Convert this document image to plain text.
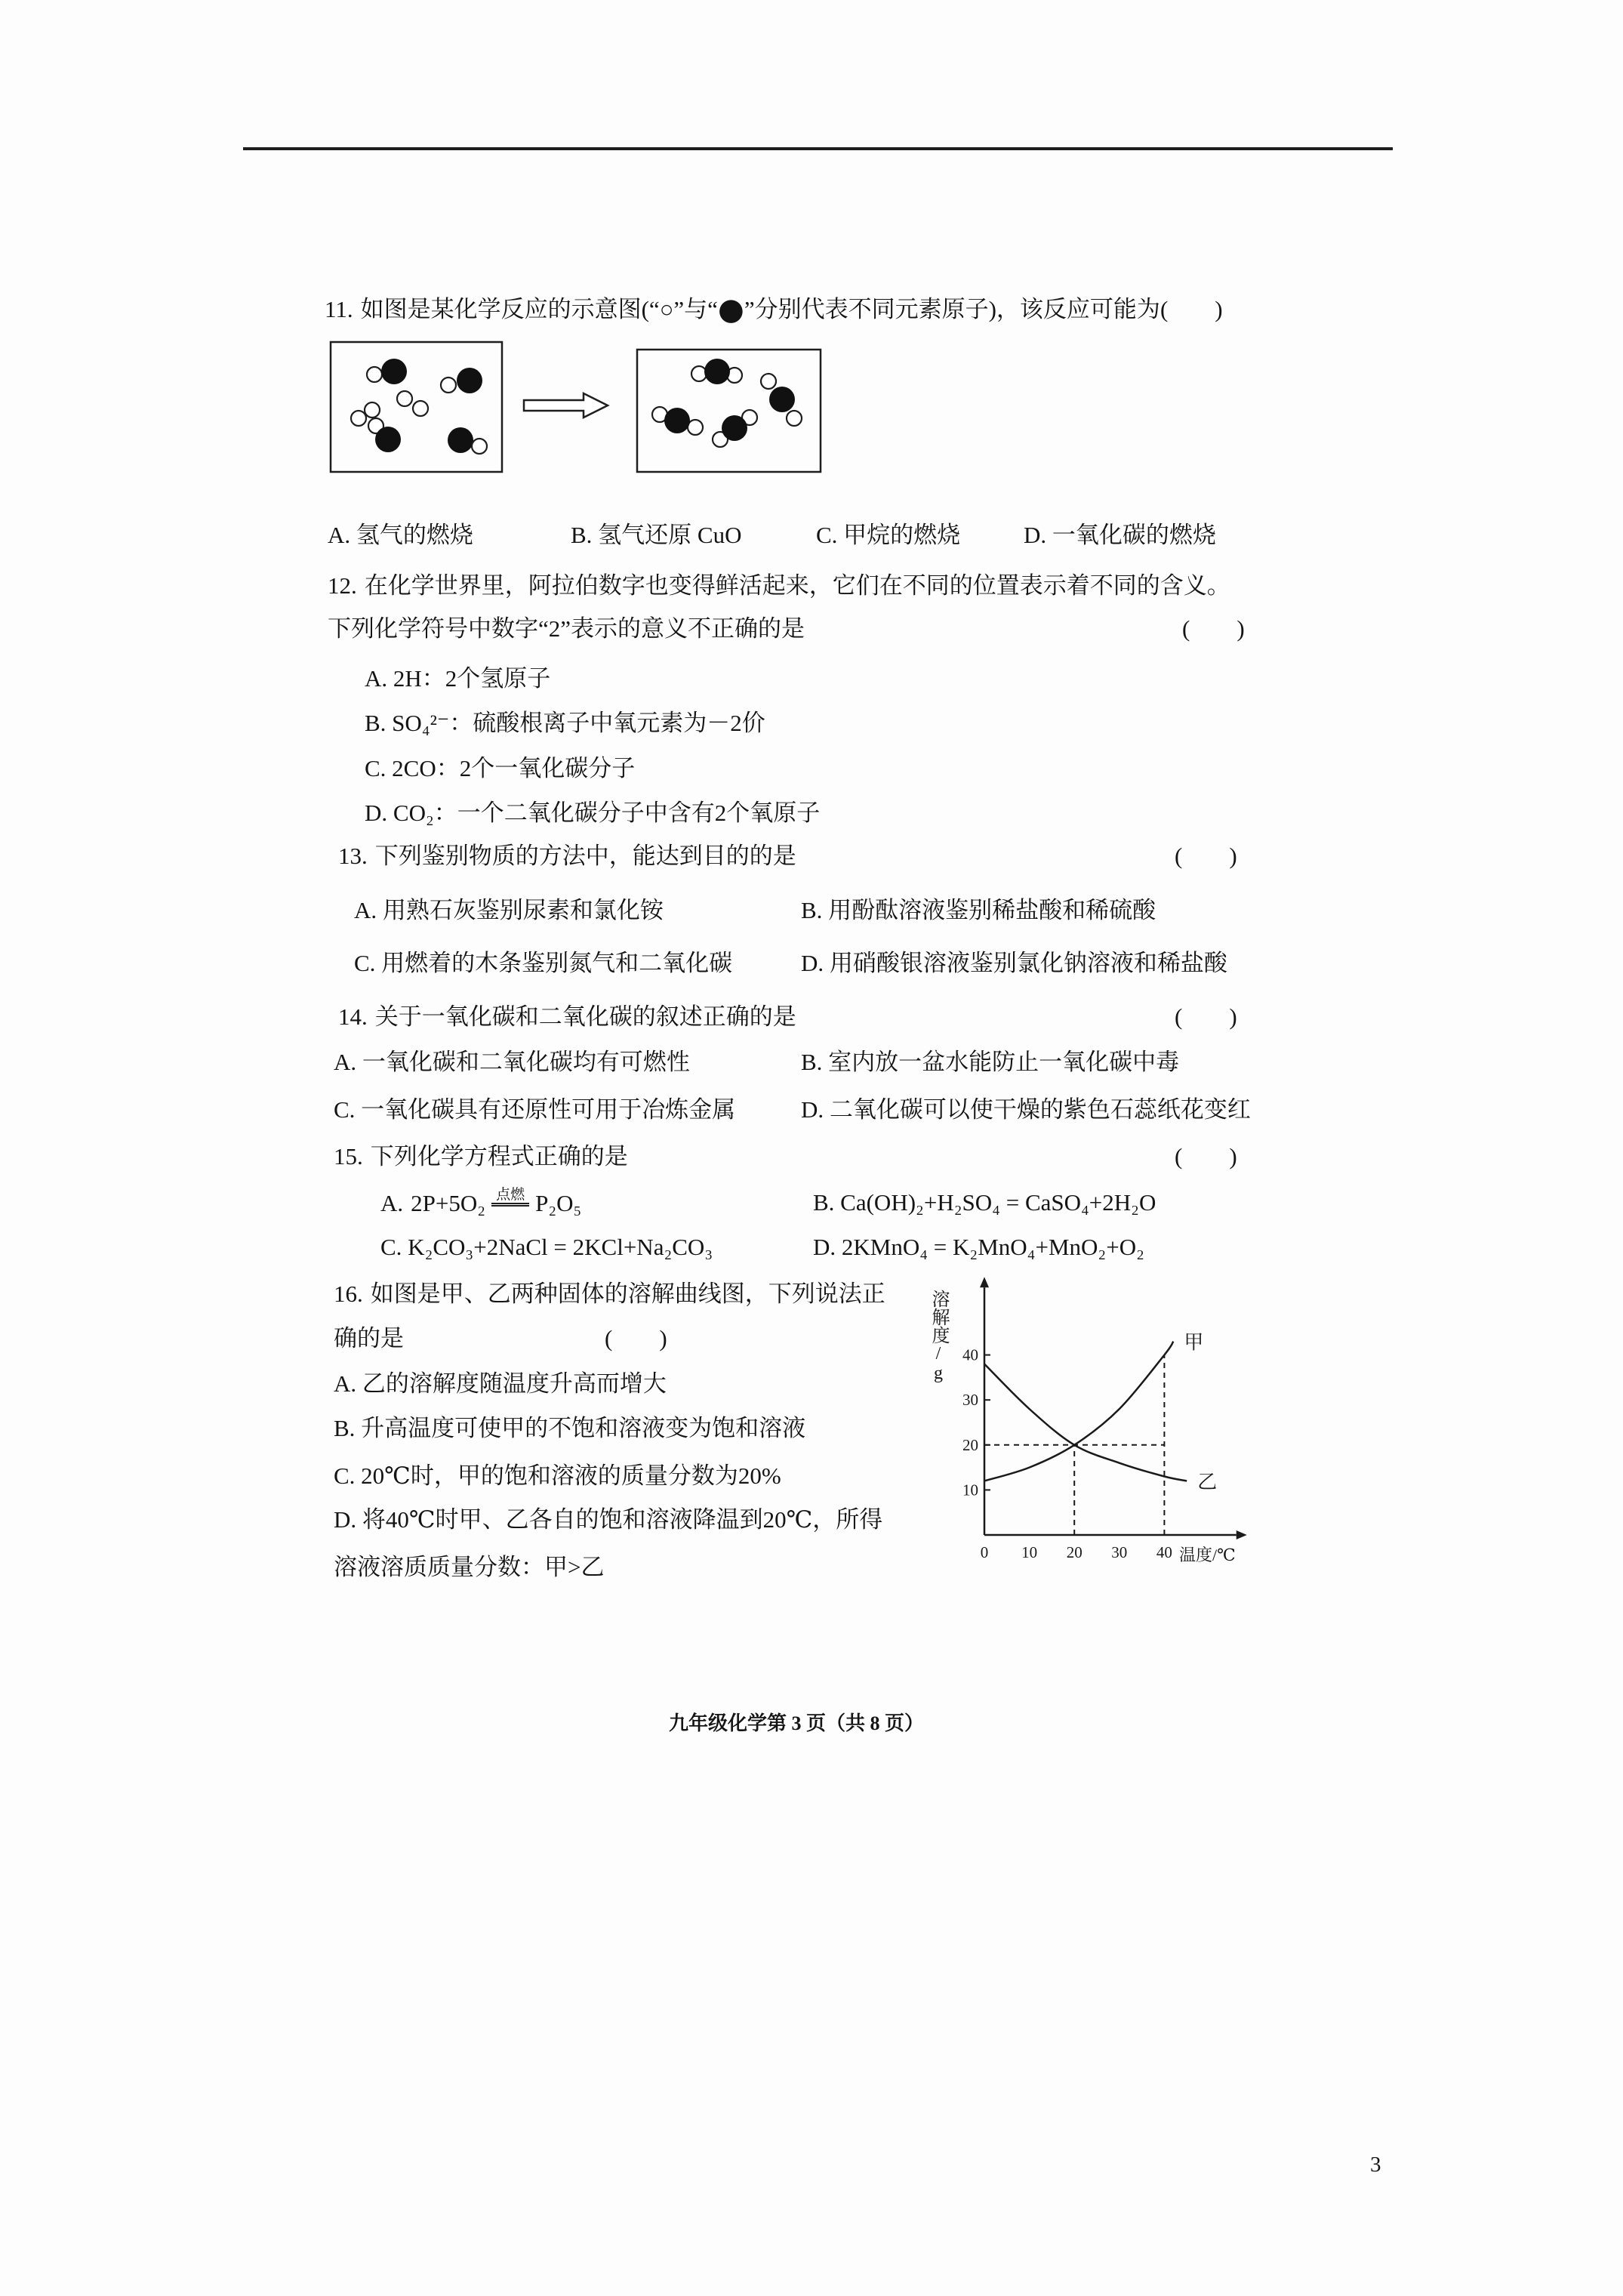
11. 如图是某化学反应的示意图(“○”与“●”分别代表不同元素原子)，该反应可能为(        )
A. 氢气的燃烧	B. 氢气还原 CuO	C. 甲烷的燃烧	D. 一氧化碳的燃烧
12. 在化学世界里，阿拉伯数字也变得鲜活起来，它们在不同的位置表示着不同的含义。
下列化学符号中数字“2”表示的意义不正确的是	(        )
A. 2H：2个氢原子
B. SO₄²⁻：硫酸根离子中氧元素为－2价
C. 2CO：2个一氧化碳分子
D. CO₂：一个二氧化碳分子中含有2个氧原子
13. 下列鉴别物质的方法中，能达到目的的是	(        )
A. 用熟石灰鉴别尿素和氯化铵	B. 用酚酞溶液鉴别稀盐酸和稀硫酸
C. 用燃着的木条鉴别氮气和二氧化碳	D. 用硝酸银溶液鉴别氯化钠溶液和稀盐酸
14. 关于一氧化碳和二氧化碳的叙述正确的是	(        )
A. 一氧化碳和二氧化碳均有可燃性	B. 室内放一盆水能防止一氧化碳中毒
C. 一氧化碳具有还原性可用于冶炼金属	D. 二氧化碳可以使干燥的紫色石蕊纸花变红
15. 下列化学方程式正确的是	(        )
A. 2P+5O₂ 点燃 P₂O₅	B. Ca(OH)₂+H₂SO₄ = CaSO₄+2H₂O
C. K₂CO₃+2NaCl = 2KCl+Na₂CO₃	D. 2KMnO₄ = K₂MnO₄+MnO₂+O₂
16. 如图是甲、乙两种固体的溶解曲线图，下列说法正
确的是	(        )
A. 乙的溶解度随温度升高而增大
B. 升高温度可使甲的不饱和溶液变为饱和溶液
C. 20℃时，甲的饱和溶液的质量分数为20%
D. 将40℃时甲、乙各自的饱和溶液降温到20℃，所得
溶液溶质质量分数：甲>乙
溶解度/g
0 10 20 30 40
10
20
30
40
甲
乙
温度/℃
九年级化学第 3 页（共 8 页）
3
